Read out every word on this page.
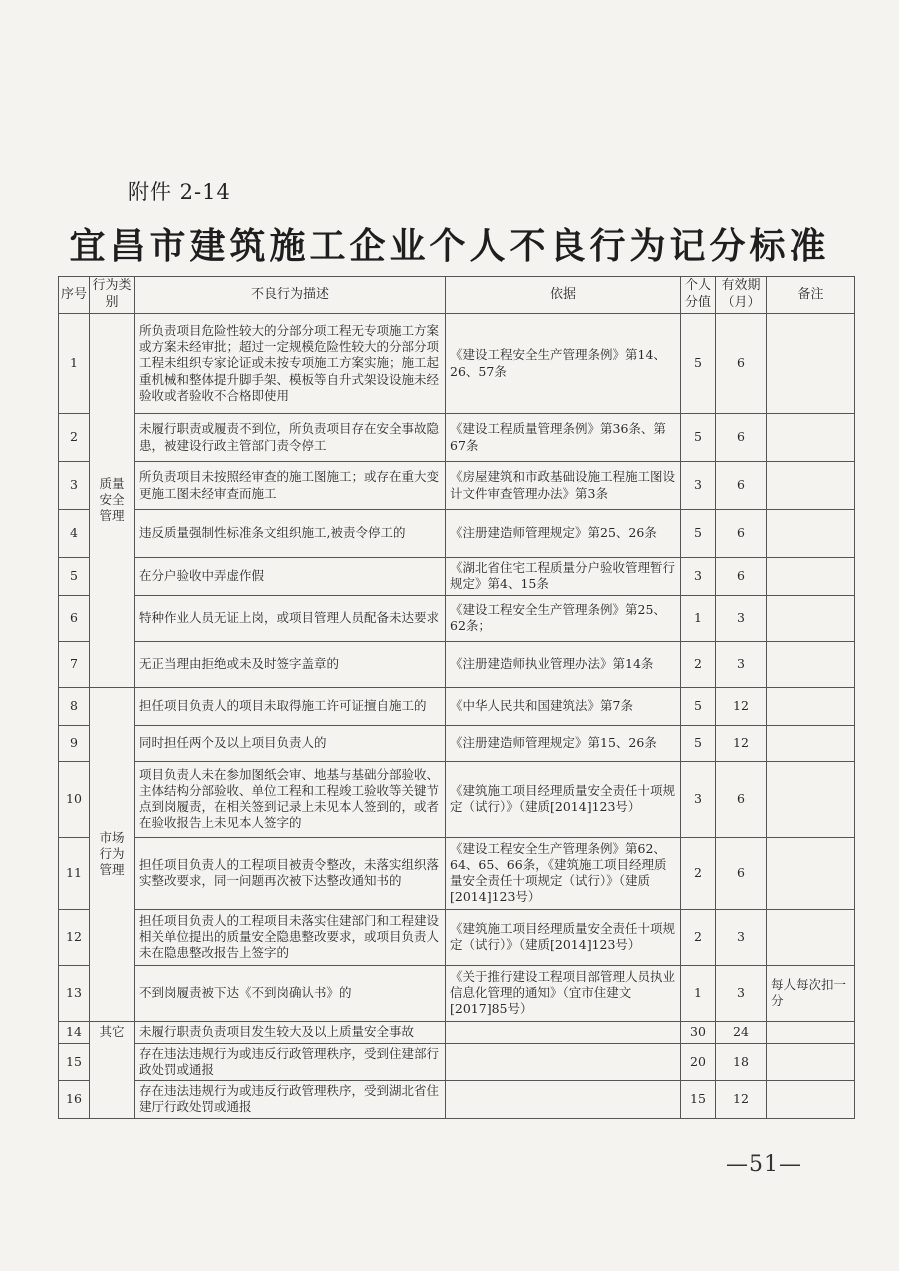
附件 2-14
宜昌市建筑施工企业个人不良行为记分标准
序号	行为类别	不良行为描述	依据	个人分值	有效期（月）	备注
1	质量安全管理	所负责项目危险性较大的分部分项工程无专项施工方案或方案未经审批；超过一定规模危险性较大的分部分项工程未组织专家论证或未按专项施工方案实施；施工起重机械和整体提升脚手架、模板等自升式架设设施未经验收或者验收不合格即使用	《建设工程安全生产管理条例》第14、26、57条	5	6	
2		未履行职责或履责不到位，所负责项目存在安全事故隐患，被建设行政主管部门责令停工	《建设工程质量管理条例》第36条、第67条	5	6	
3		所负责项目未按照经审查的施工图施工；或存在重大变更施工图未经审查而施工	《房屋建筑和市政基础设施工程施工图设计文件审查管理办法》第3条	3	6	
4		违反质量强制性标准条文组织施工,被责令停工的	《注册建造师管理规定》第25、26条	5	6	
5		在分户验收中弄虚作假	《湖北省住宅工程质量分户验收管理暂行规定》第4、15条	3	6	
6		特种作业人员无证上岗，或项目管理人员配备未达要求	《建设工程安全生产管理条例》第25、62条；	1	3	
7		无正当理由拒绝或未及时签字盖章的	《注册建造师执业管理办法》第14条	2	3	
8	市场行为管理	担任项目负责人的项目未取得施工许可证擅自施工的	《中华人民共和国建筑法》第7条	5	12	
9		同时担任两个及以上项目负责人的	《注册建造师管理规定》第15、26条	5	12	
10		项目负责人未在参加图纸会审、地基与基础分部验收、主体结构分部验收、单位工程和工程竣工验收等关键节点到岗履责，在相关签到记录上未见本人签到的，或者在验收报告上未见本人签字的	《建筑施工项目经理质量安全责任十项规定（试行）》（建质[2014]123号）	3	6	
11		担任项目负责人的工程项目被责令整改，未落实组织落实整改要求，同一问题再次被下达整改通知书的	《建设工程安全生产管理条例》第62、64、65、66条，《建筑施工项目经理质量安全责任十项规定（试行）》（建质[2014]123号）	2	6	
12		担任项目负责人的工程项目未落实住建部门和工程建设相关单位提出的质量安全隐患整改要求，或项目负责人未在隐患整改报告上签字的	《建筑施工项目经理质量安全责任十项规定（试行）》（建质[2014]123号）	2	3	
13		不到岗履责被下达《不到岗确认书》的	《关于推行建设工程项目部管理人员执业信息化管理的通知》（宜市住建文[2017]85号）	1	3	每人每次扣一分
14	其它	未履行职责负责项目发生较大及以上质量安全事故		30	24	
15		存在违法违规行为或违反行政管理秩序，受到住建部行政处罚或通报		20	18	
16		存在违法违规行为或违反行政管理秩序，受到湖北省住建厅行政处罚或通报		15	12	
—51—
